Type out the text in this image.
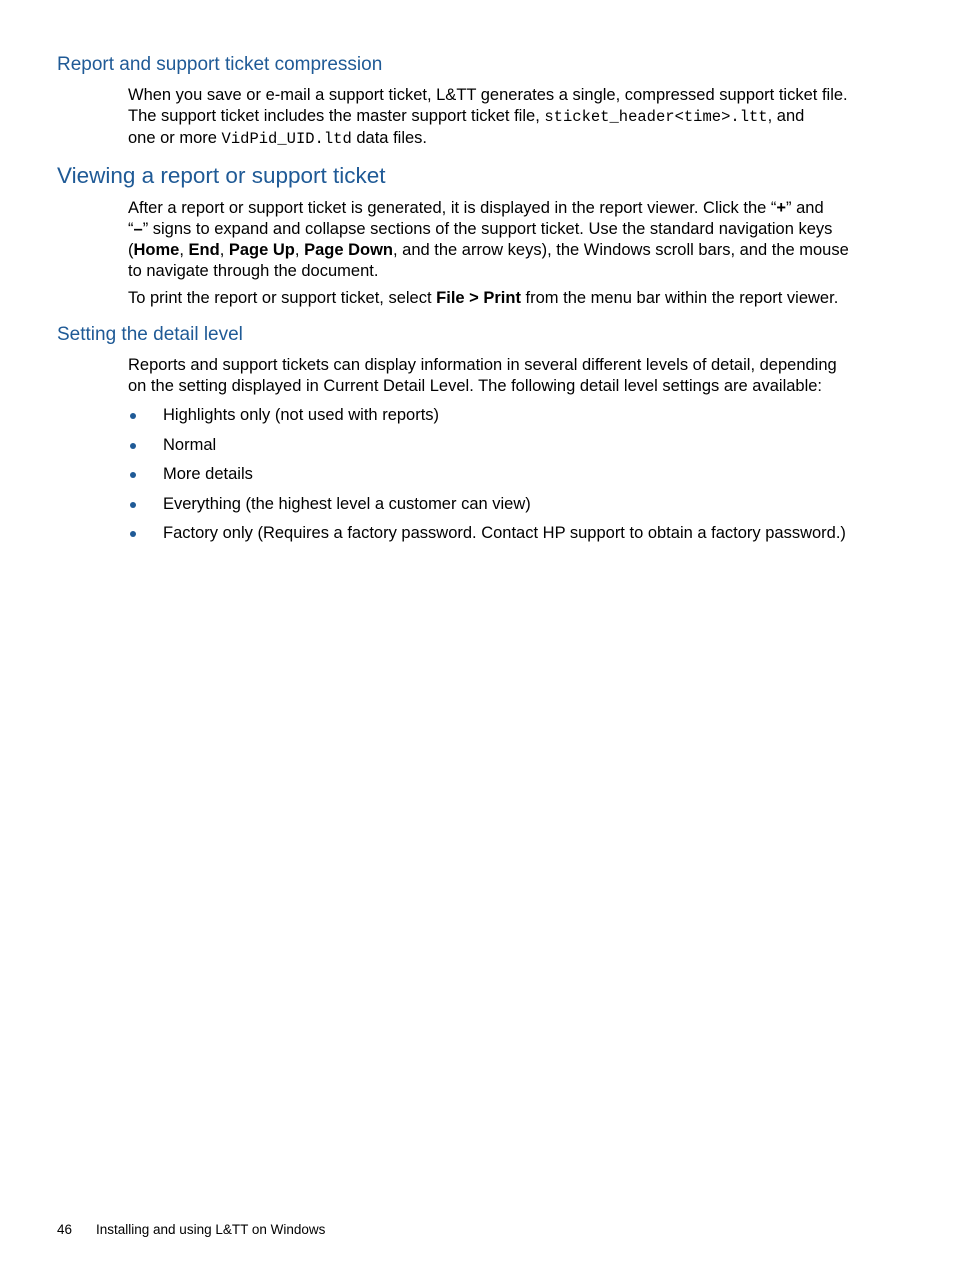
Report and support ticket compression

When you save or e-mail a support ticket, L&TT generates a single, compressed support ticket file.
The support ticket includes the master support ticket file, sticket_header<time>.ltt, and
one or more VidPid_UID.ltd data files.

Viewing a report or support ticket

After a report or support ticket is generated, it is displayed in the report viewer. Click the “+” and
“–” signs to expand and collapse sections of the support ticket. Use the standard navigation keys
(Home, End, Page Up, Page Down, and the arrow keys), the Windows scroll bars, and the mouse
to navigate through the document.

To print the report or support ticket, select File > Print from the menu bar within the report viewer.

Setting the detail level

Reports and support tickets can display information in several different levels of detail, depending
on the setting displayed in Current Detail Level. The following detail level settings are available:

Highlights only (not used with reports)
Normal
More details
Everything (the highest level a customer can view)
Factory only (Requires a factory password. Contact HP support to obtain a factory password.)
46 Installing and using L&TT on Windows
